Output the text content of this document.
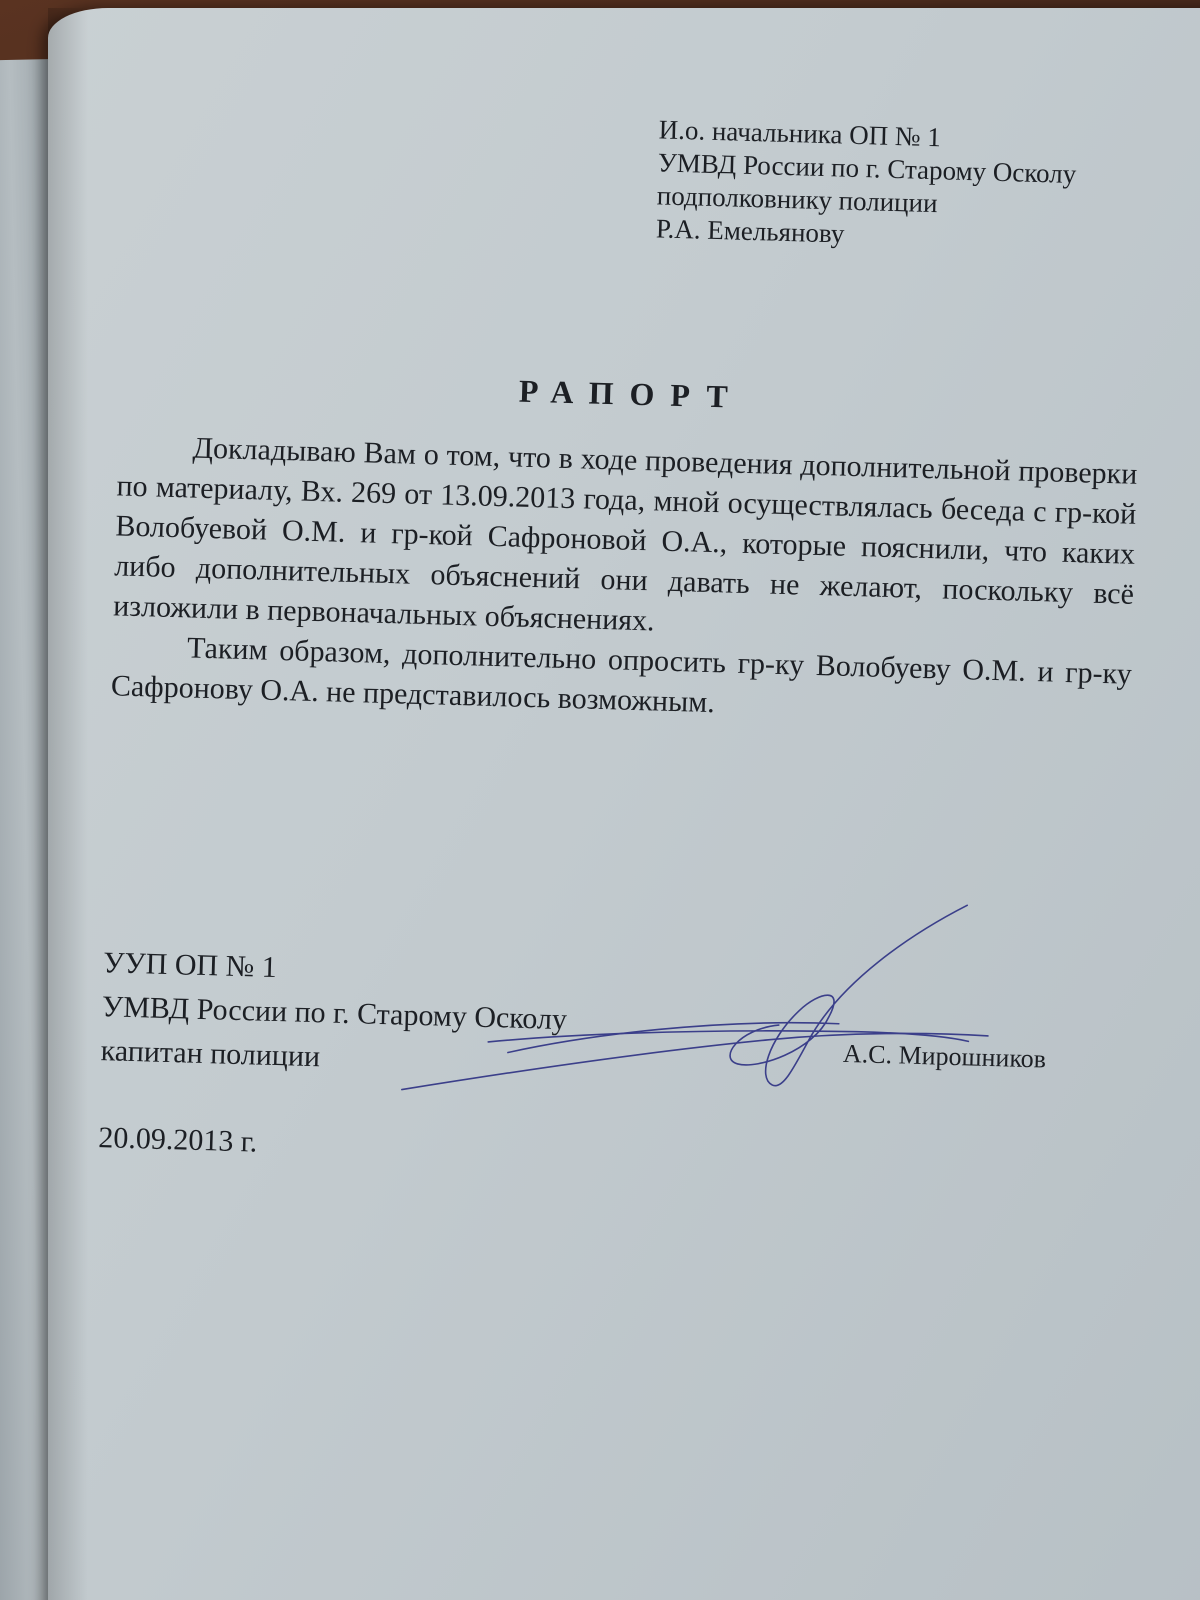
И.о. начальника ОП № 1
УМВД России по г. Старому Осколу
подполковнику полиции
Р.А. Емельянову
РАПОРТ

Докладываю Вам о том, что в ходе проведения дополнительной проверки по материалу, Вх. 269 от 13.09.2013 года, мной осуществлялась беседа с гр-кой Волобуевой О.М. и гр-кой Сафроновой О.А., которые пояснили, что каких либо дополнительных объяснений они давать не желают, поскольку всё изложили в первоначальных объяснениях.

Таким образом, дополнительно опросить гр-ку Волобуеву О.М. и гр-ку Сафронову О.А. не представилось возможным.

УУП ОП № 1
УМВД России по г. Старому Осколу
капитан полиции	А.С. Мирошников
20.09.2013 г.
